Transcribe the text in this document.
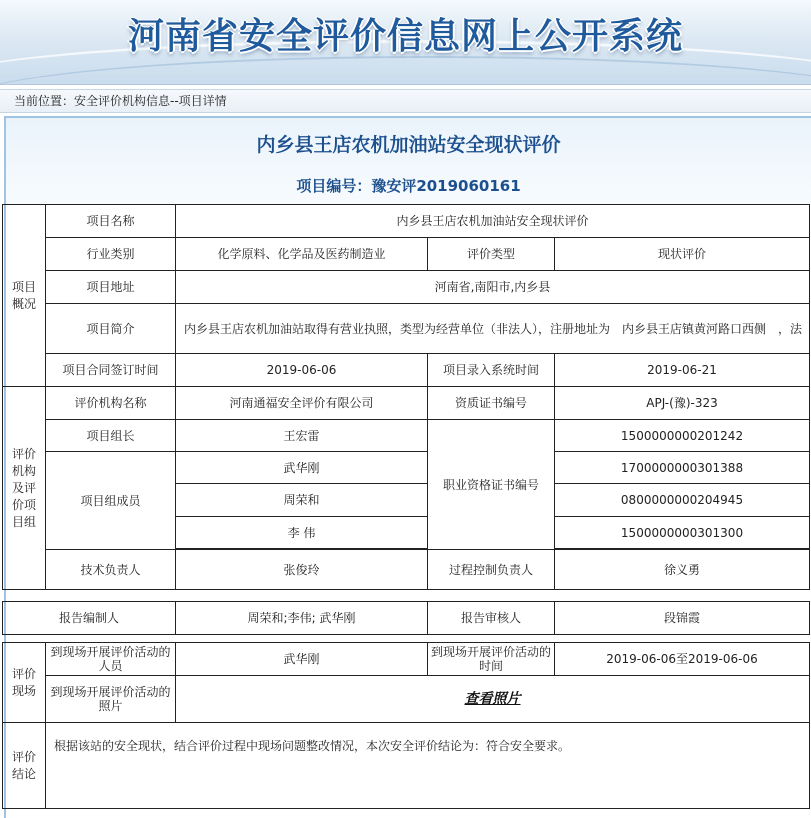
河南省安全评价信息网上公开系统
当前位置：安全评价机构信息--项目详情
内乡县王店农机加油站安全现状评价
项目编号：豫安评2019060161
项目概况	项目名称	内乡县王店农机加油站安全现状评价		
	行业类别	化学原料、化学品及医药制造业	评价类型	现状评价
	项目地址	河南省,南阳市,内乡县		
	项目简介	内乡县王店农机加油站取得有营业执照，类型为经营单位（非法人），注册地址为　内乡县王店镇黄河路口西侧　，法		
	项目合同签订时间	2019-06-06	项目录入系统时间	2019-06-21
评价机构及评价项目组	评价机构名称	河南通福安全评价有限公司	资质证书编号	APJ-(豫)-323
	项目组长	王宏雷	职业资格证书编号	1500000000201242
	项目组成员	武华刚		1700000000301388
		周荣和		0800000000204945
		李 伟		1500000000301300

	技术负责人	张俊玲	过程控制负责人	徐义勇

报告编制人		周荣和;李伟; 武华刚	报告审核人	段锦霞

评价现场	到现场开展评价活动的人员	武华刚	到现场开展评价活动的时间	2019-06-06至2019-06-06
	到现场开展评价活动的照片	查看照片		
评价结论	根据该站的安全现状，结合评价过程中现场问题整改情况，本次安全评价结论为：符合安全要求。			
